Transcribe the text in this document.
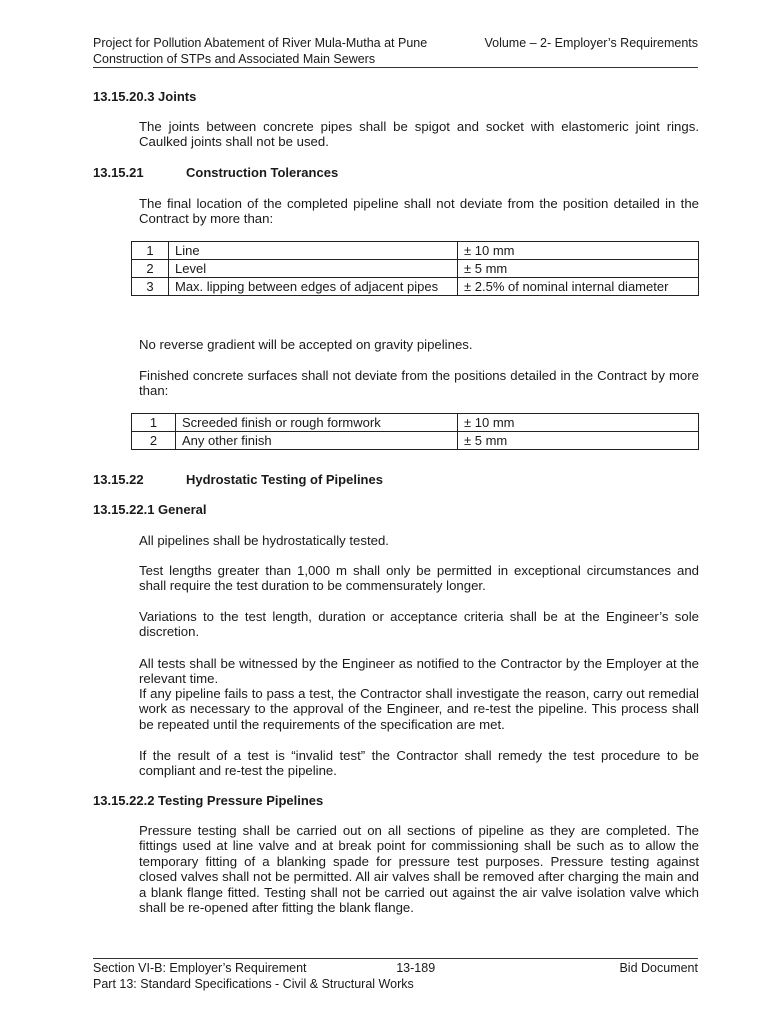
Project for Pollution Abatement of River Mula-Mutha at Pune	Volume – 2- Employer’s Requirements
Construction of STPs and Associated Main Sewers
13.15.20.3 Joints
The joints between concrete pipes shall be spigot and socket with elastomeric joint rings. Caulked joints shall not be used.
13.15.21	Construction Tolerances
The final location of the completed pipeline shall not deviate from the position detailed in the Contract by more than:
1	Line	± 10 mm
2	Level	± 5 mm
3	Max. lipping between edges of adjacent pipes	± 2.5% of nominal internal diameter
No reverse gradient will be accepted on gravity pipelines.
Finished concrete surfaces shall not deviate from the positions detailed in the Contract by more than:
1	Screeded finish or rough formwork	± 10 mm
2	Any other finish	± 5 mm
13.15.22	Hydrostatic Testing of Pipelines
13.15.22.1 General
All pipelines shall be hydrostatically tested.
Test lengths greater than 1,000 m shall only be permitted in exceptional circumstances and shall require the test duration to be commensurately longer.
Variations to the test length, duration or acceptance criteria shall be at the Engineer’s sole discretion.
All tests shall be witnessed by the Engineer as notified to the Contractor by the Employer at the relevant time.
If any pipeline fails to pass a test, the Contractor shall investigate the reason, carry out remedial work as necessary to the approval of the Engineer, and re-test the pipeline. This process shall be repeated until the requirements of the specification are met.
If the result of a test is “invalid test” the Contractor shall remedy the test procedure to be compliant and re-test the pipeline.
13.15.22.2 Testing Pressure Pipelines
Pressure testing shall be carried out on all sections of pipeline as they are completed. The fittings used at line valve and at break point for commissioning shall be such as to allow the temporary fitting of a blanking spade for pressure test purposes. Pressure testing against closed valves shall not be permitted. All air valves shall be removed after charging the main and a blank flange fitted. Testing shall not be carried out against the air valve isolation valve which shall be re-opened after fitting the blank flange.
Section VI-B: Employer’s Requirement	13-189	Bid Document
Part 13: Standard Specifications - Civil & Structural Works
